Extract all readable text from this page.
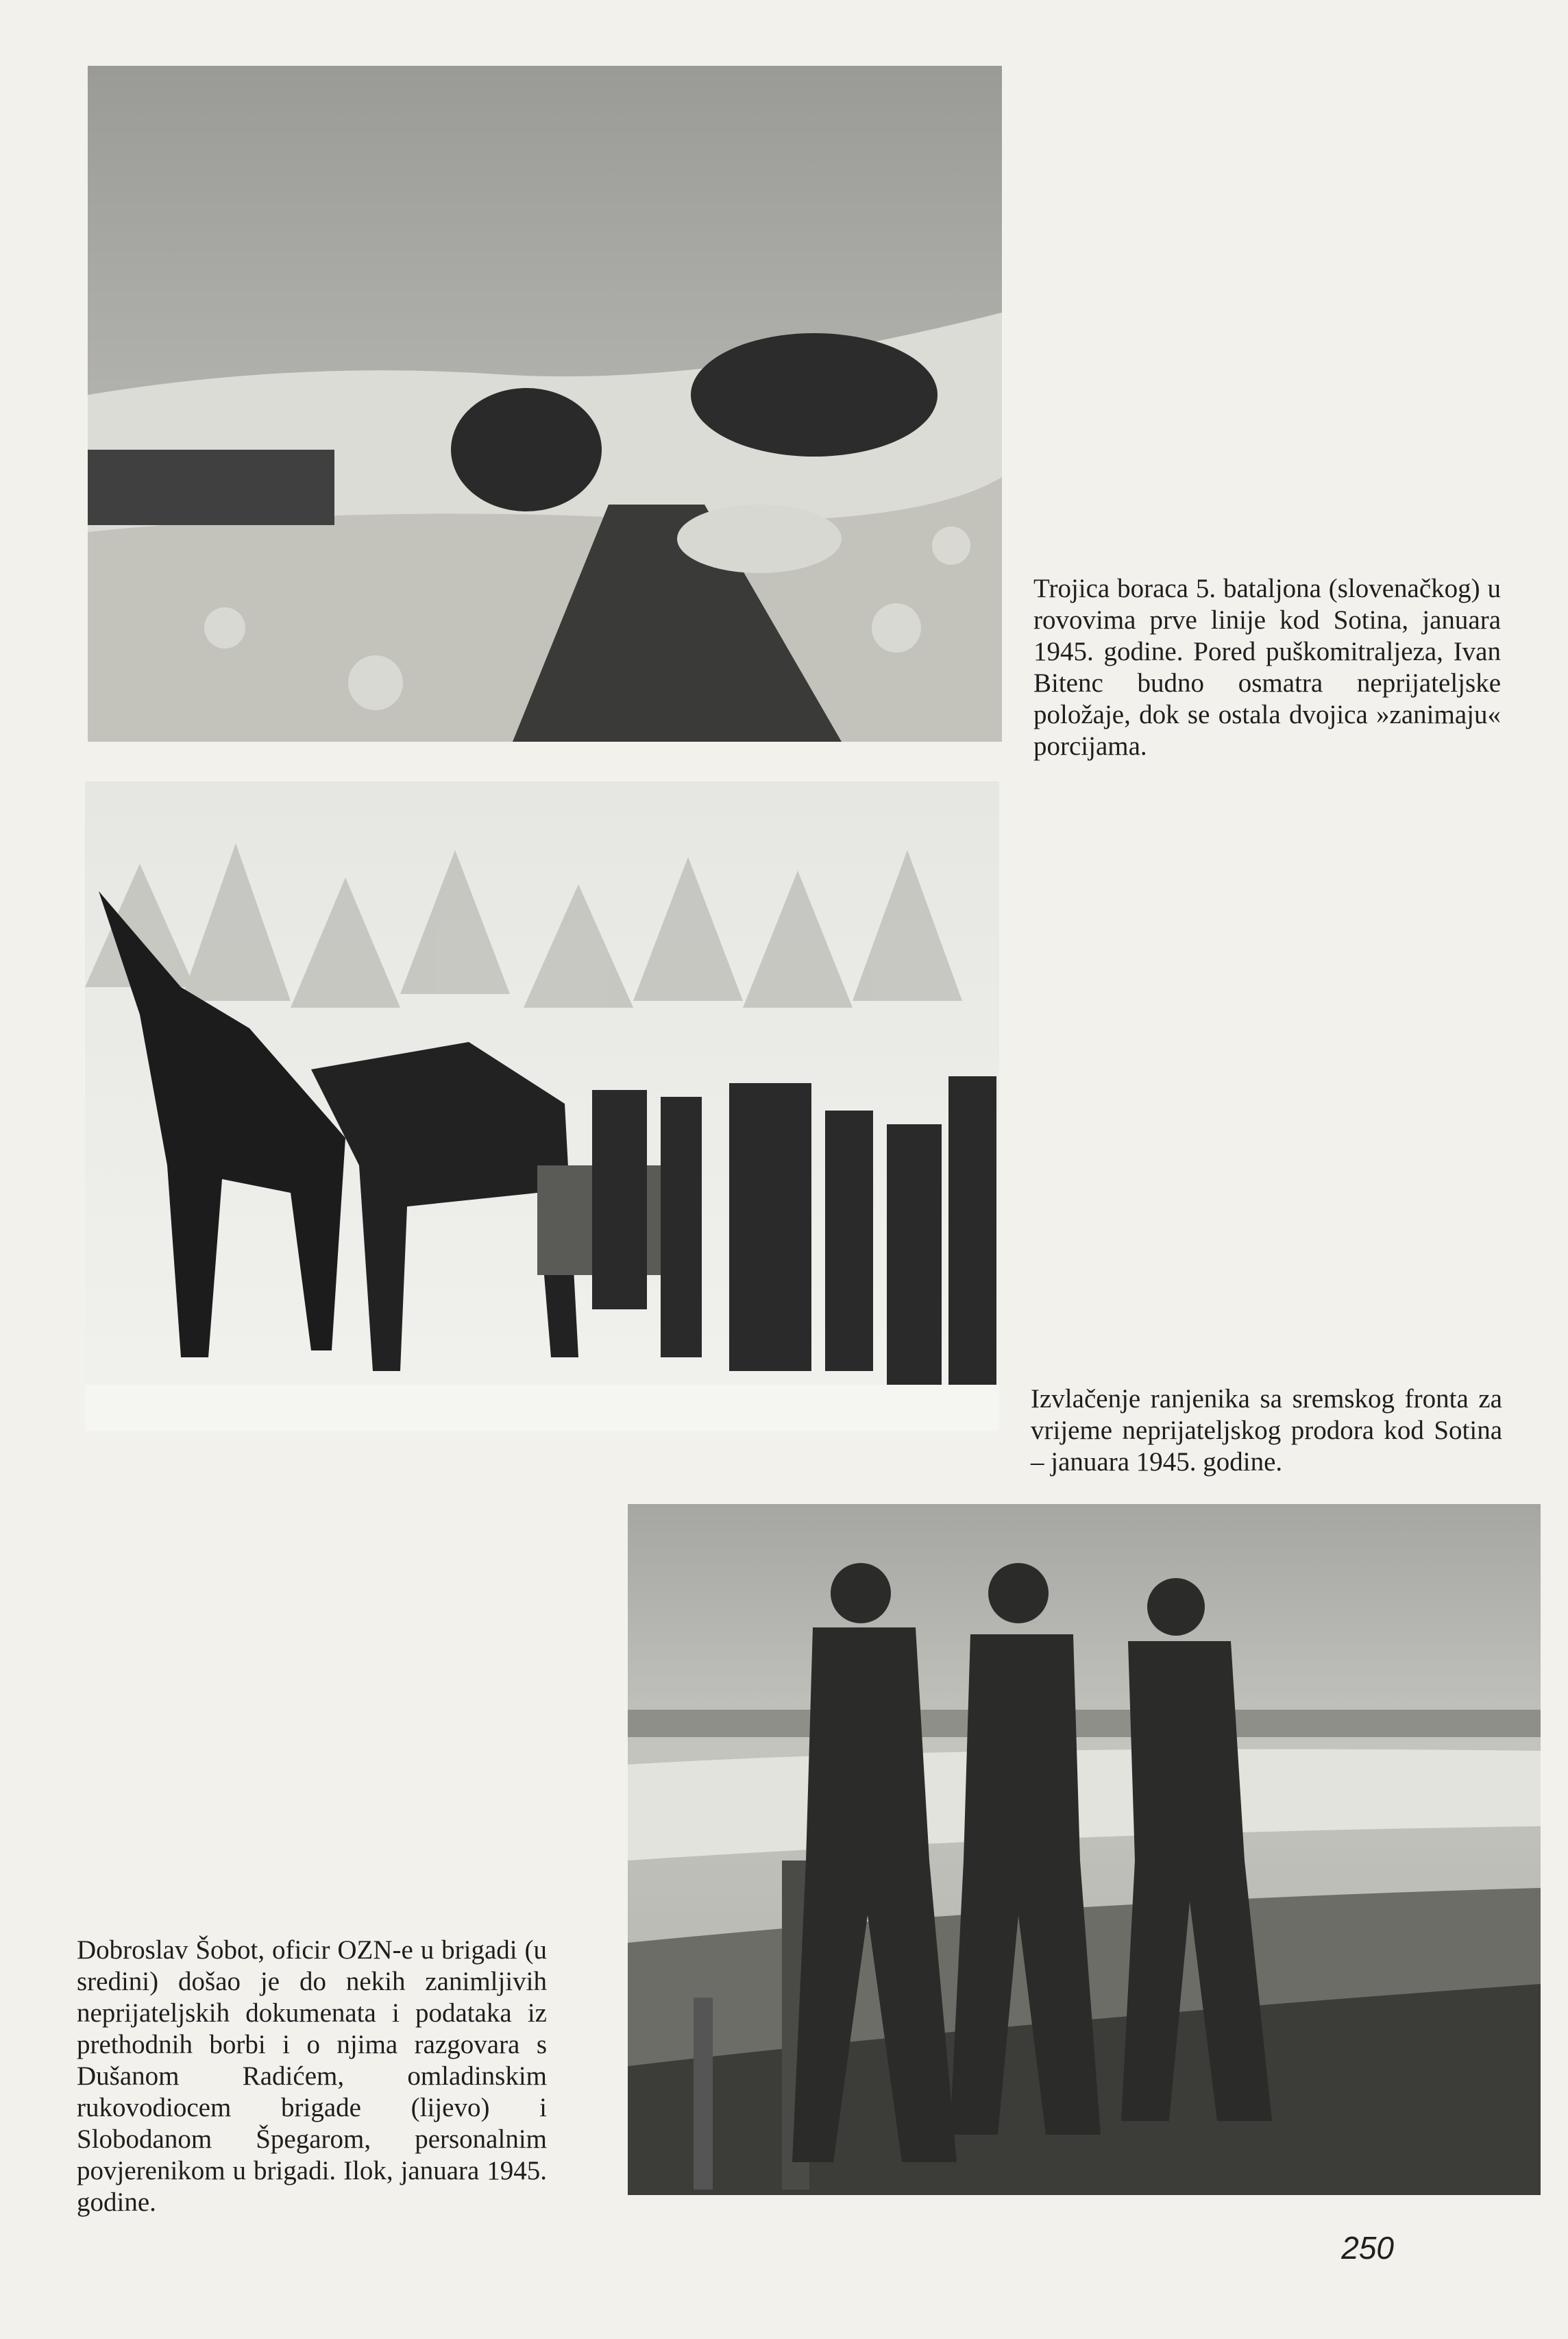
Trojica boraca 5. bataljona (slovenačkog) u rovovima prve linije kod Sotina, januara 1945. godine. Pored puškomitraljeza, Ivan Bitenc budno osmatra neprijateljske položaje, dok se ostala dvojica »zanimaju« porcijama.

Izvlačenje ranjenika sa sremskog fronta za vrijeme neprijateljskog prodora kod Sotina – januara 1945. godine.

Dobroslav Šobot, oficir OZN-e u brigadi (u sredini) došao je do nekih zanimljivih neprijateljskih dokumenata i podataka iz prethodnih borbi i o njima razgovara s Dušanom Radićem, omladinskim rukovodiocem brigade (lijevo) i Slobodanom Špegarom, personalnim povjerenikom u brigadi. Ilok, januara 1945. godine.

250
